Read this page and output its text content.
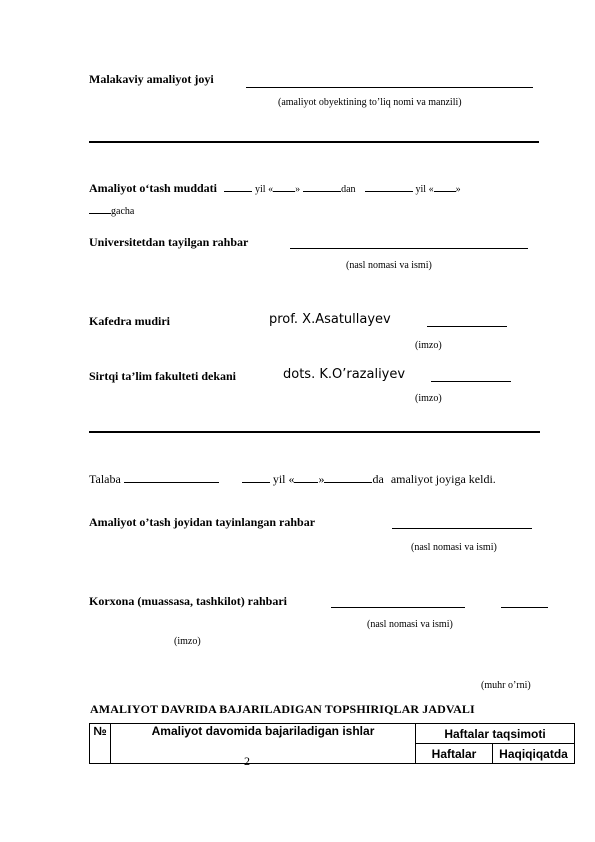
Malakaviy amaliyot joyi
(amaliyot obyektining to’liq nomi va manzili)
Amaliyot o‘tash muddati	yil « »	dan	yil « »
gacha
Universitetdan tayilgan rahbar
(nasl nomasi va ismi)
Kafedra mudiri	prof. X.Asatullayev
(imzo)
Sirtqi ta’lim fakulteti dekani	dots. K.O’razaliyev
(imzo)
Talaba	yil « »	da amaliyot joyiga keldi.
Amaliyot o’tash joyidan tayinlangan rahbar
(nasl nomasi va ismi)
Korxona (muassasa, tashkilot) rahbari
(nasl nomasi va ismi)
(imzo)
(muhr o’rni)
AMALIYOT DAVRIDA BAJARILADIGAN TOPSHIRIQLAR JADVALI
№	Amaliyot davomida bajariladigan ishlar	Haftalar taqsimoti	
		Haftalar	Haqiqiqatda
2
